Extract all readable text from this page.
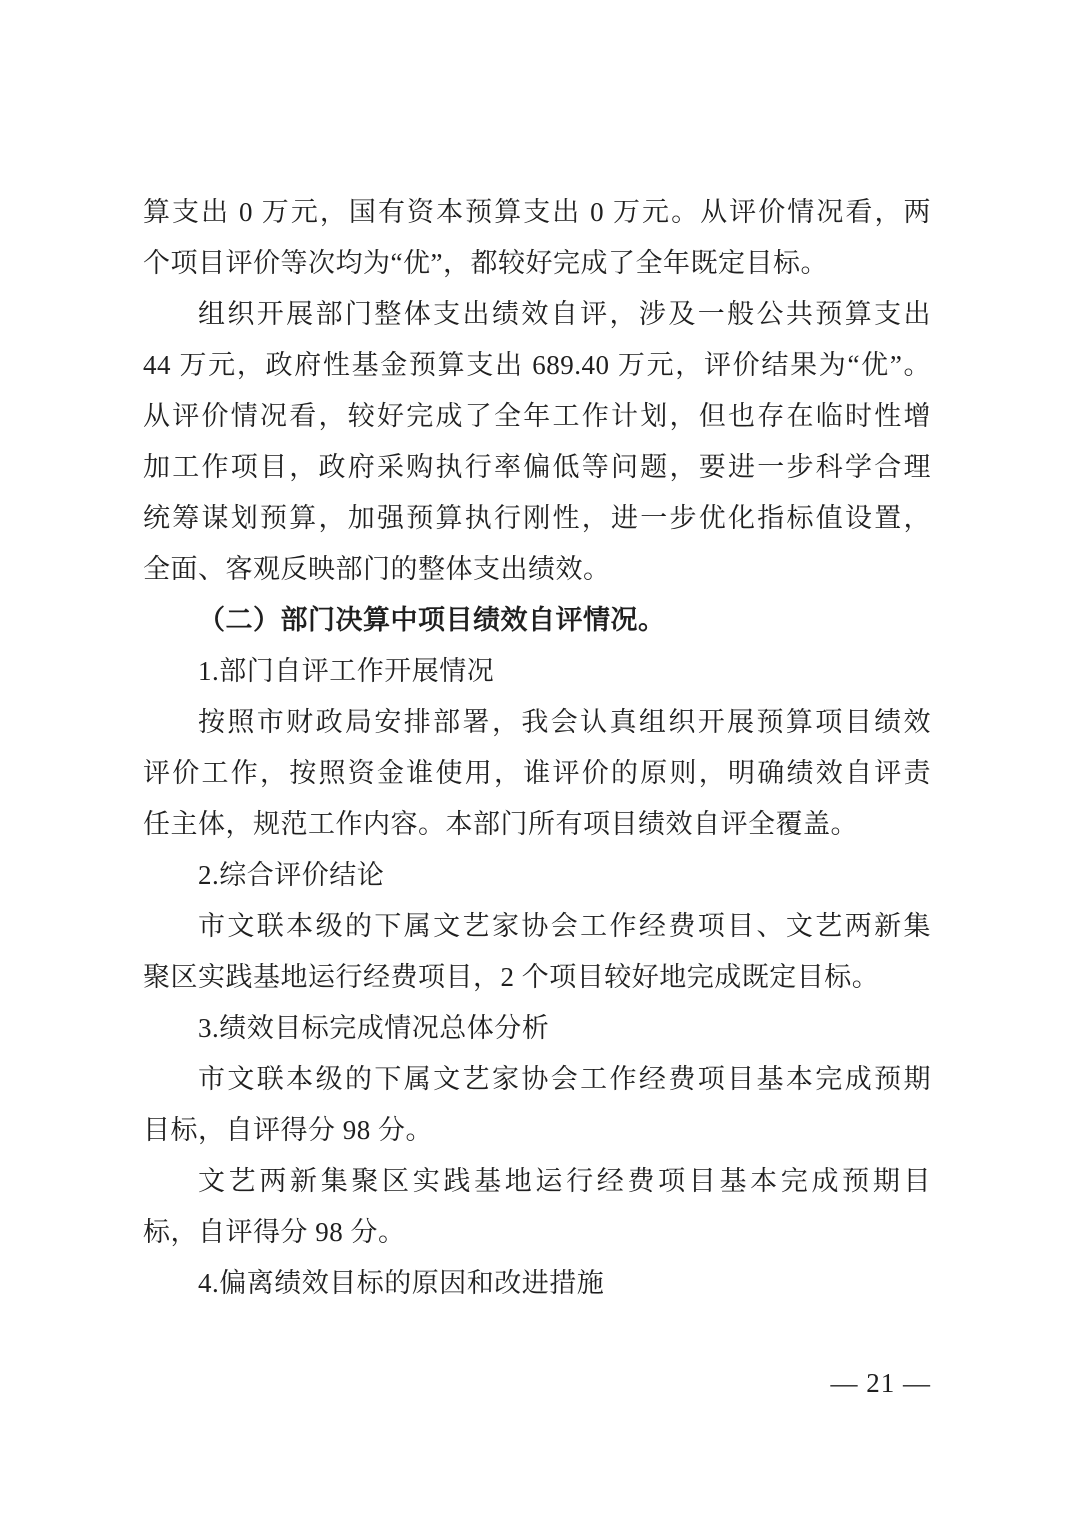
算支出 0 万元，国有资本预算支出 0 万元。从评价情况看，两
个项目评价等次均为“优”，都较好完成了全年既定目标。
组织开展部门整体支出绩效自评，涉及一般公共预算支出
44 万元，政府性基金预算支出 689.40 万元，评价结果为“优”。
从评价情况看，较好完成了全年工作计划，但也存在临时性增
加工作项目，政府采购执行率偏低等问题，要进一步科学合理
统筹谋划预算，加强预算执行刚性，进一步优化指标值设置，
全面、客观反映部门的整体支出绩效。
（二）部门决算中项目绩效自评情况。
1.部门自评工作开展情况
按照市财政局安排部署，我会认真组织开展预算项目绩效
评价工作，按照资金谁使用，谁评价的原则，明确绩效自评责
任主体，规范工作内容。本部门所有项目绩效自评全覆盖。
2.综合评价结论
市文联本级的下属文艺家协会工作经费项目、文艺两新集
聚区实践基地运行经费项目，2 个项目较好地完成既定目标。
3.绩效目标完成情况总体分析
市文联本级的下属文艺家协会工作经费项目基本完成预期
目标，自评得分 98 分。
文艺两新集聚区实践基地运行经费项目基本完成预期目
标，自评得分 98 分。
4.偏离绩效目标的原因和改进措施
— 21 —
